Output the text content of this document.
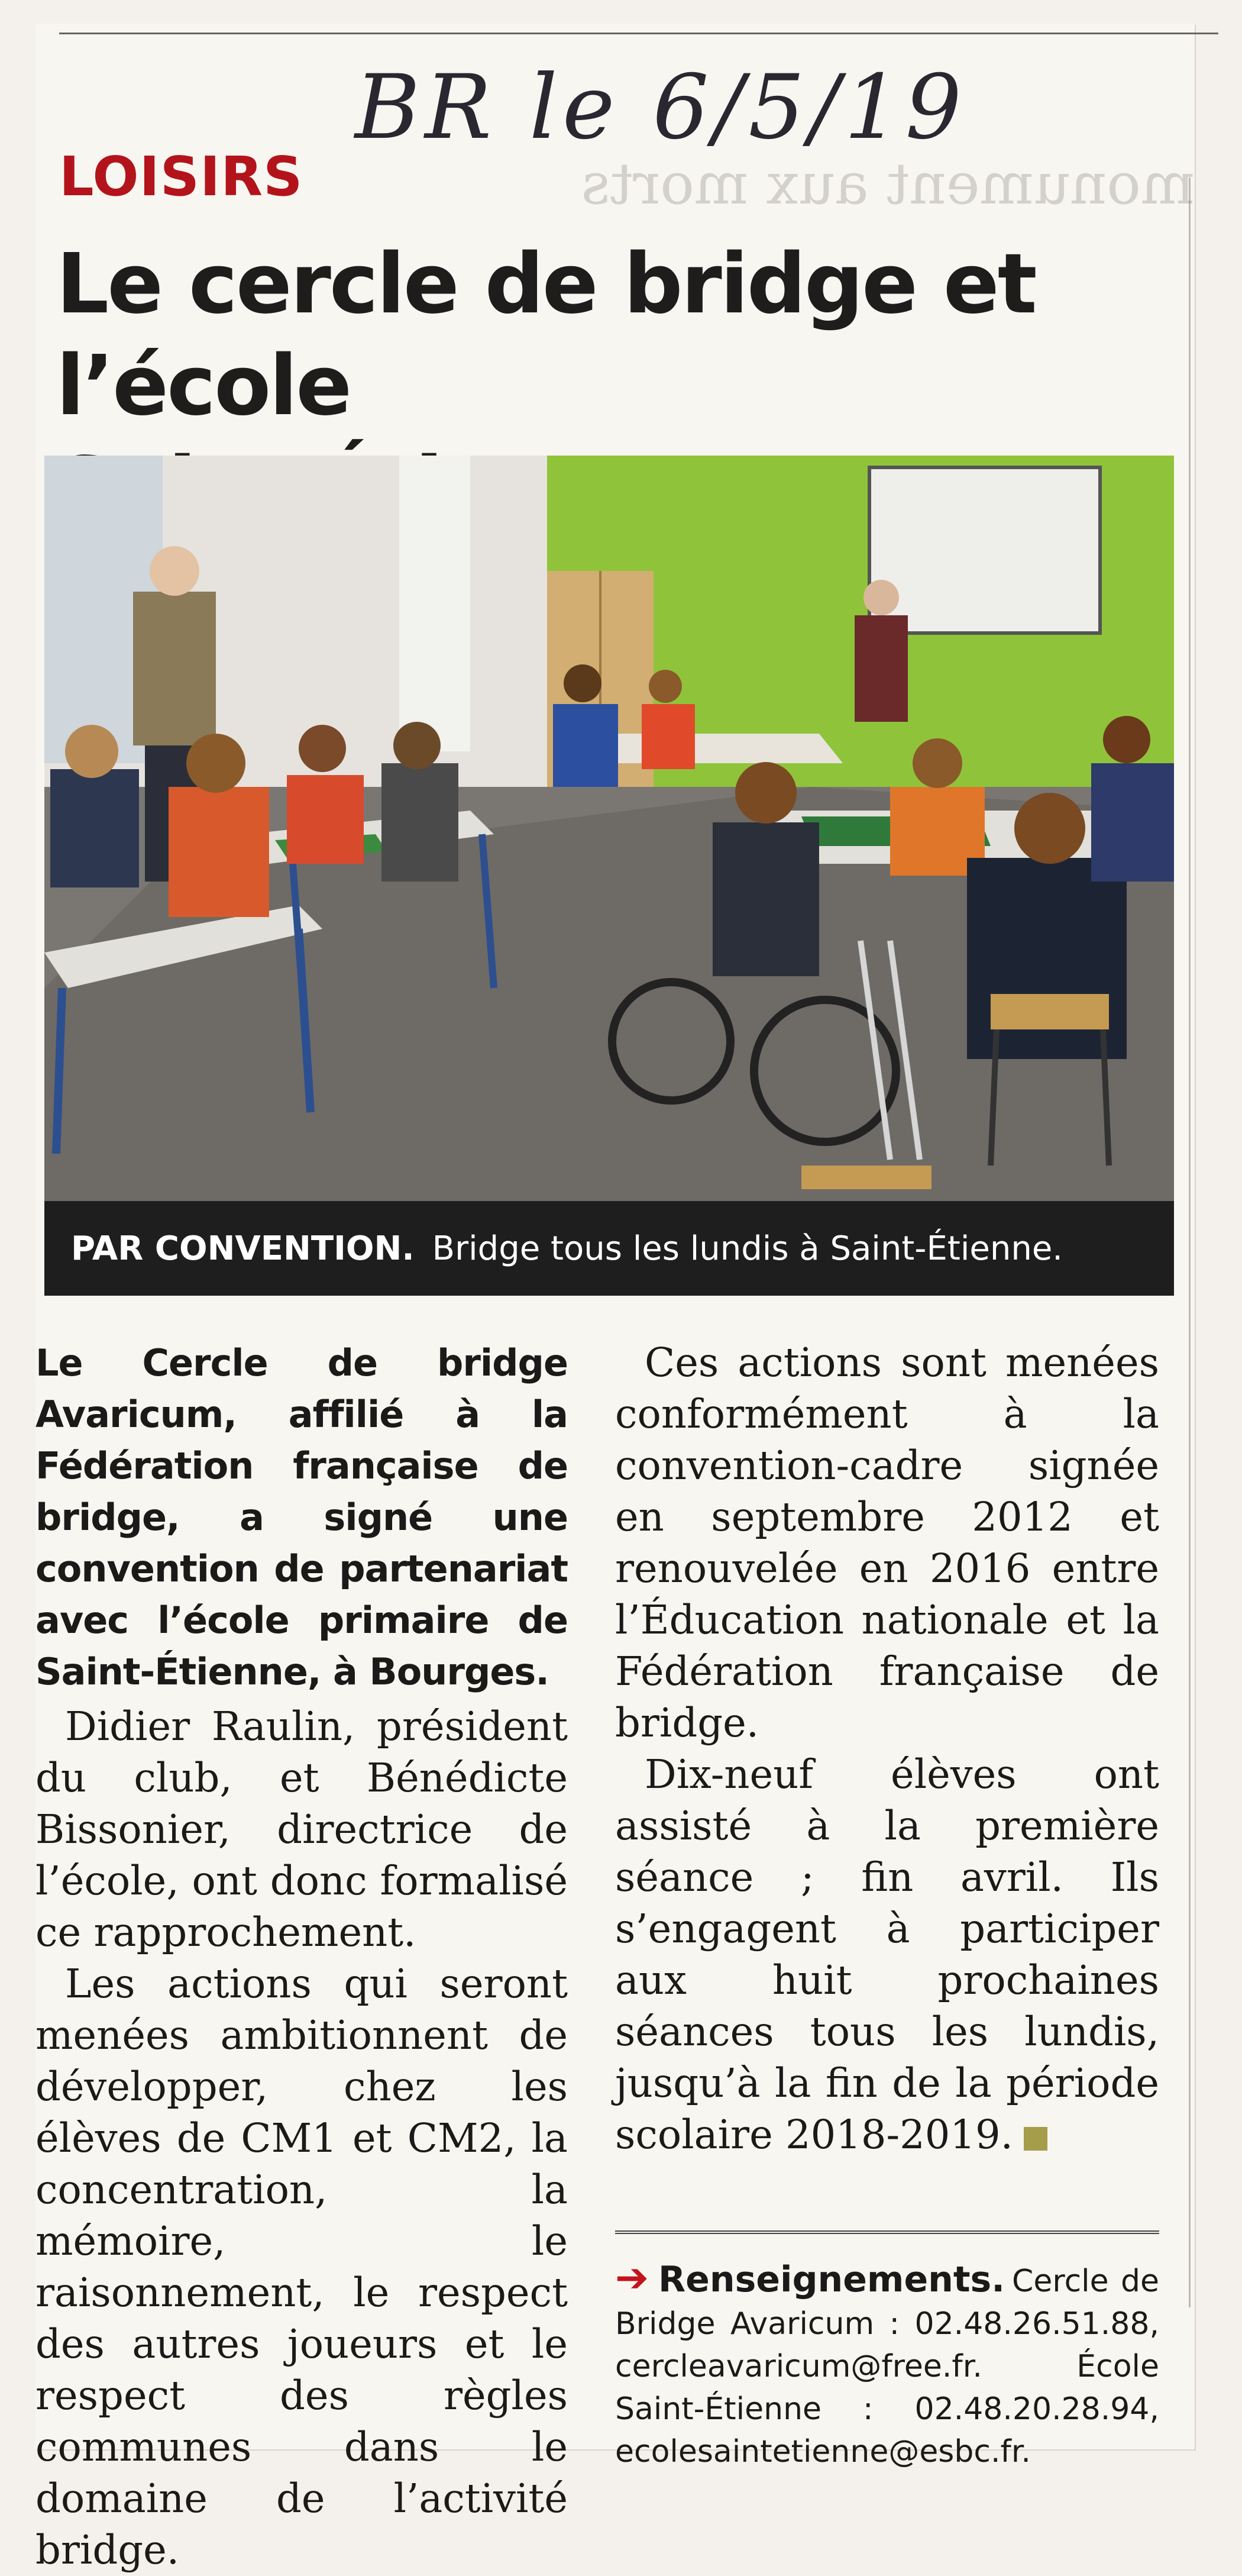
monument aux morts
BR le 6/5/19
LOISIRS
Le cercle de bridge et l’école
PAR CONVENTION. Bridge tous les lundis à Saint-Étienne.

Le Cercle de bridge Avaricum, affilié à la Fédération française de bridge, a signé une convention de partenariat avec l’école primaire de Saint-Étienne, à Bourges.

Didier Raulin, président du club, et Bénédicte Bissonier, directrice de l’école, ont donc formalisé ce rapprochement.

Les actions qui seront menées ambitionnent de développer, chez les élèves de CM1 et CM2, la concentration, la mémoire, le raisonnement, le respect des autres joueurs et le respect des règles communes dans le domaine de l’activité bridge.

Ces actions sont menées conformément à la convention-cadre signée en septembre 2012 et renouvelée en 2016 entre l’Éducation nationale et la Fédération française de bridge.

Dix-neuf élèves ont assisté à la première séance ; fin avril. Ils s’engagent à participer aux huit prochaines séances tous les lundis, jusqu’à la fin de la période scolaire 2018-2019.

➔ Renseignements. Cercle de Bridge Avaricum : 02.48.26.51.88, cercleavaricum@free.fr. École Saint-Étienne : 02.48.20.28.94, ecolesaintetienne@esbc.fr.
